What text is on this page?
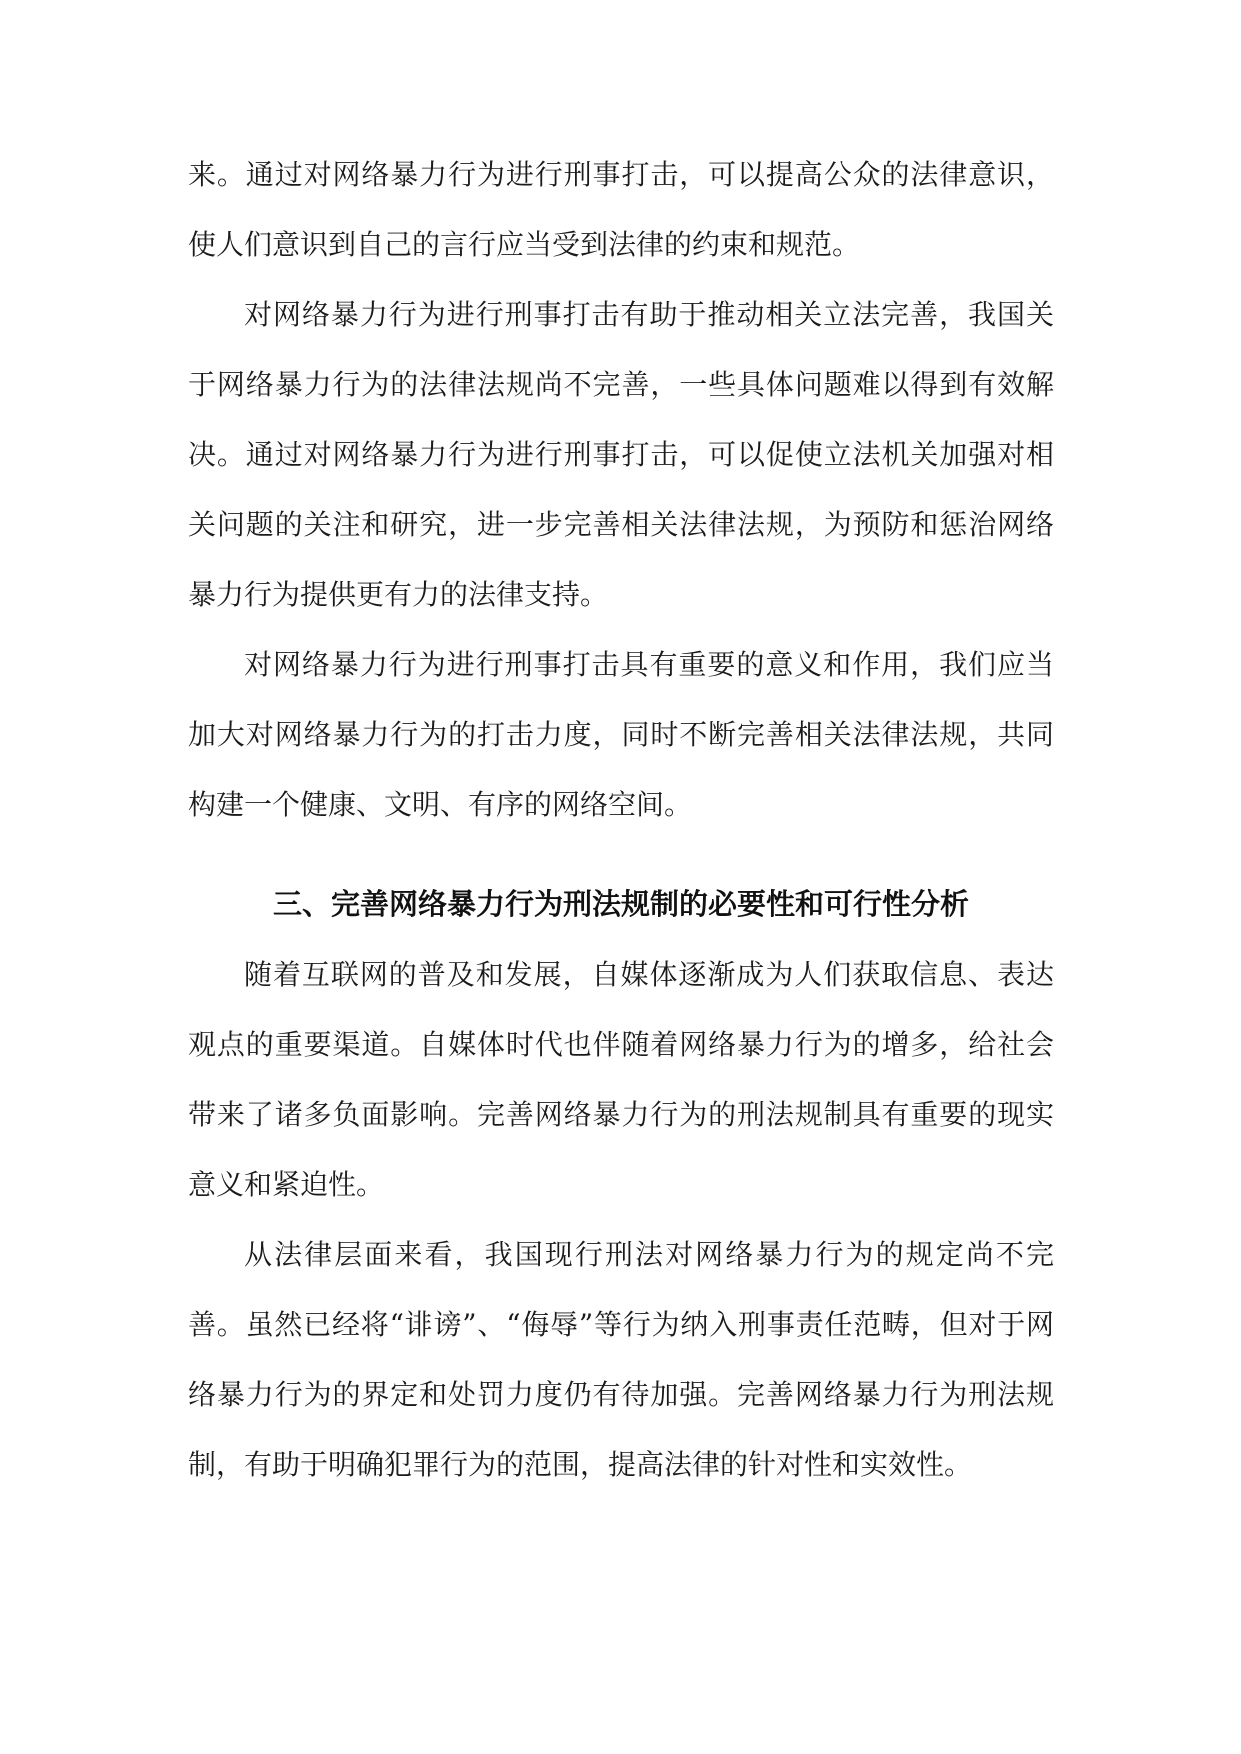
来。通过对网络暴力行为进行刑事打击，可以提高公众的法律意识，使人们意识到自己的言行应当受到法律的约束和规范。

对网络暴力行为进行刑事打击有助于推动相关立法完善，我国关于网络暴力行为的法律法规尚不完善，一些具体问题难以得到有效解决。通过对网络暴力行为进行刑事打击，可以促使立法机关加强对相关问题的关注和研究，进一步完善相关法律法规，为预防和惩治网络暴力行为提供更有力的法律支持。

对网络暴力行为进行刑事打击具有重要的意义和作用，我们应当加大对网络暴力行为的打击力度，同时不断完善相关法律法规，共同构建一个健康、文明、有序的网络空间。

三、完善网络暴力行为刑法规制的必要性和可行性分析

随着互联网的普及和发展，自媒体逐渐成为人们获取信息、表达观点的重要渠道。自媒体时代也伴随着网络暴力行为的增多，给社会带来了诸多负面影响。完善网络暴力行为的刑法规制具有重要的现实意义和紧迫性。

从法律层面来看，我国现行刑法对网络暴力行为的规定尚不完善。虽然已经将“诽谤”、“侮辱”等行为纳入刑事责任范畴，但对于网络暴力行为的界定和处罚力度仍有待加强。完善网络暴力行为刑法规制，有助于明确犯罪行为的范围，提高法律的针对性和实效性。
